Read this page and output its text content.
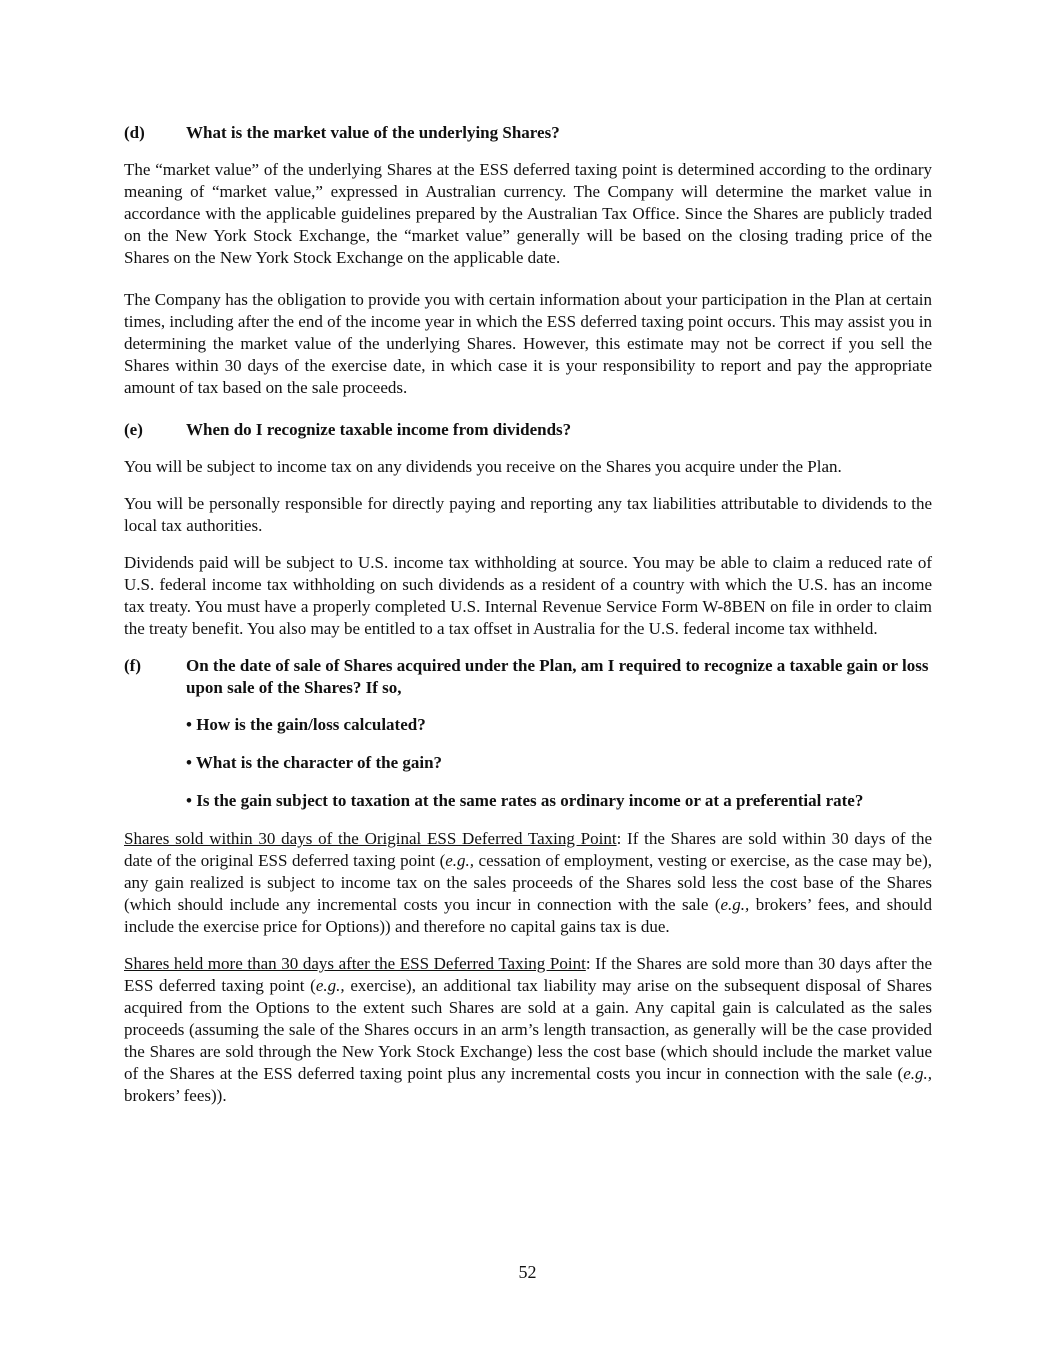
(d)	What is the market value of the underlying Shares?

The “market value” of the underlying Shares at the ESS deferred taxing point is determined according to the ordinary meaning of “market value,” expressed in Australian currency. The Company will determine the market value in accordance with the applicable guidelines prepared by the Australian Tax Office. Since the Shares are publicly traded on the New York Stock Exchange, the “market value” generally will be based on the closing trading price of the Shares on the New York Stock Exchange on the applicable date.

The Company has the obligation to provide you with certain information about your participation in the Plan at certain times, including after the end of the income year in which the ESS deferred taxing point occurs. This may assist you in determining the market value of the underlying Shares. However, this estimate may not be correct if you sell the Shares within 30 days of the exercise date, in which case it is your responsibility to report and pay the appropriate amount of tax based on the sale proceeds.

(e)	When do I recognize taxable income from dividends?

You will be subject to income tax on any dividends you receive on the Shares you acquire under the Plan.

You will be personally responsible for directly paying and reporting any tax liabilities attributable to dividends to the local tax authorities.

Dividends paid will be subject to U.S. income tax withholding at source. You may be able to claim a reduced rate of U.S. federal income tax withholding on such dividends as a resident of a country with which the U.S. has an income tax treaty. You must have a properly completed U.S. Internal Revenue Service Form W-8BEN on file in order to claim the treaty benefit. You also may be entitled to a tax offset in Australia for the U.S. federal income tax withheld.

(f)	On the date of sale of Shares acquired under the Plan, am I required to recognize a taxable gain or loss upon sale of the Shares? If so,
• How is the gain/loss calculated?
• What is the character of the gain?
• Is the gain subject to taxation at the same rates as ordinary income or at a preferential rate?

Shares sold within 30 days of the Original ESS Deferred Taxing Point: If the Shares are sold within 30 days of the date of the original ESS deferred taxing point (e.g., cessation of employment, vesting or exercise, as the case may be), any gain realized is subject to income tax on the sales proceeds of the Shares sold less the cost base of the Shares (which should include any incremental costs you incur in connection with the sale (e.g., brokers’ fees, and should include the exercise price for Options)) and therefore no capital gains tax is due.

Shares held more than 30 days after the ESS Deferred Taxing Point: If the Shares are sold more than 30 days after the ESS deferred taxing point (e.g., exercise), an additional tax liability may arise on the subsequent disposal of Shares acquired from the Options to the extent such Shares are sold at a gain. Any capital gain is calculated as the sales proceeds (assuming the sale of the Shares occurs in an arm’s length transaction, as generally will be the case provided the Shares are sold through the New York Stock Exchange) less the cost base (which should include the market value of the Shares at the ESS deferred taxing point plus any incremental costs you incur in connection with the sale (e.g., brokers’ fees)).

52
